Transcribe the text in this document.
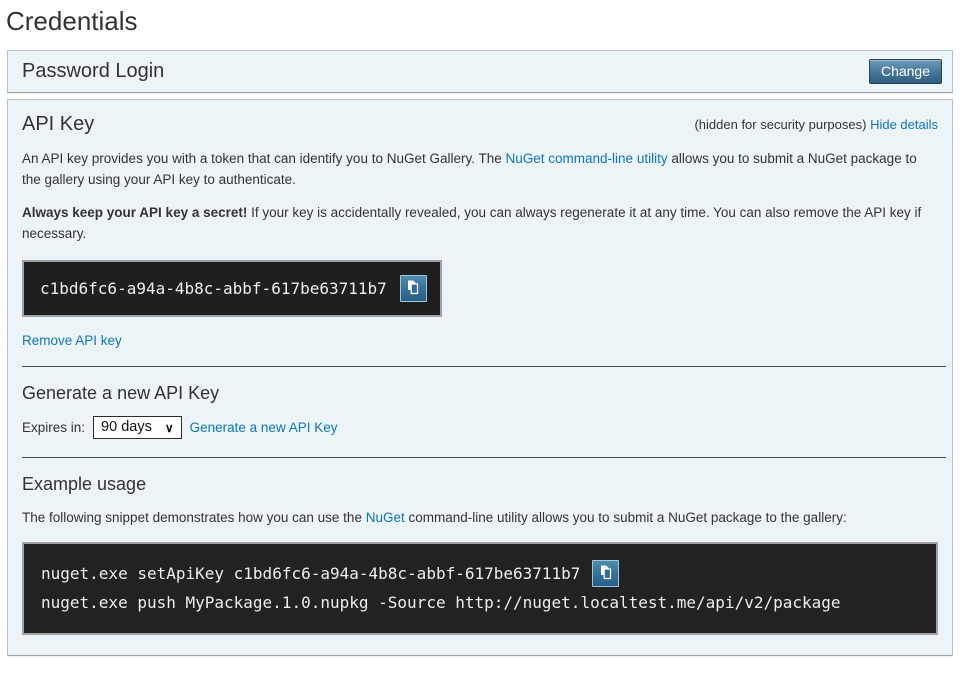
Credentials
Password Login	Change
API Key	(hidden for security purposes) Hide details

An API key provides you with a token that can identify you to NuGet Gallery. The NuGet command-line utility allows you to submit a NuGet package to the gallery using your API key to authenticate.

Always keep your API key a secret! If your key is accidentally revealed, you can always regenerate it at any time. You can also remove the API key if necessary.

c1bd6fc6-a94a-4b8c-abbf-617be63711b7
Remove API key
Generate a new API Key
Expires in: 90 days ∨ Generate a new API Key
Example usage

The following snippet demonstrates how you can use the NuGet command-line utility allows you to submit a NuGet package to the gallery:

nuget.exe setApiKey c1bd6fc6-a94a-4b8c-abbf-617be63711b7
nuget.exe push MyPackage.1.0.nupkg -Source http://nuget.localtest.me/api/v2/package
